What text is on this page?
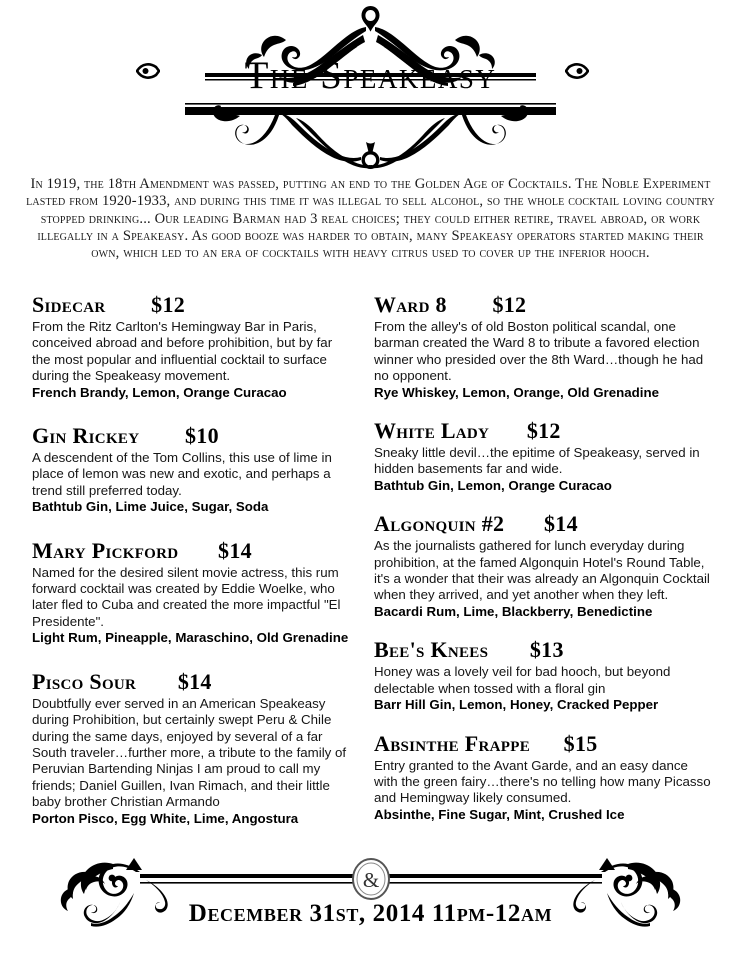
The Speakeasy
In 1919, the 18th Amendment was passed, putting an end to the Golden Age of Cocktails. The Noble Experiment lasted from 1920-1933, and during this time it was illegal to sell alcohol, so the whole cocktail loving country stopped drinking... Our leading Barman had 3 real choices; they could either retire, travel abroad, or work illegally in a Speakeasy. As good booze was harder to obtain, many Speakeasy operators started making their own, which led to an era of cocktails with heavy citrus used to cover up the inferior hooch.
Sidecar $12
From the Ritz Carlton's Hemingway Bar in Paris, conceived abroad and before prohibition, but by far the most popular and influential cocktail to surface during the Speakeasy movement.
French Brandy, Lemon, Orange Curacao
Gin Rickey $10
A descendent of the Tom Collins, this use of lime in place of lemon was new and exotic, and perhaps a trend still preferred today.
Bathtub Gin, Lime Juice, Sugar, Soda
Mary Pickford $14
Named for the desired silent movie actress, this rum forward cocktail was created by Eddie Woelke, who later fled to Cuba and created the more impactful "El Presidente".
Light Rum, Pineapple, Maraschino, Old Grenadine
Pisco Sour $14
Doubtfully ever served in an American Speakeasy during Prohibition, but certainly swept Peru & Chile during the same days, enjoyed by several of a far South traveler…further more, a tribute to the family of Peruvian Bartending Ninjas I am proud to call my friends; Daniel Guillen, Ivan Rimach, and their little baby brother Christian Armando
Porton Pisco, Egg White, Lime, Angostura
Ward 8 $12
From the alley's of old Boston political scandal, one barman created the Ward 8 to tribute a favored election winner who presided over the 8th Ward…though he had no opponent.
Rye Whiskey, Lemon, Orange, Old Grenadine
White Lady $12
Sneaky little devil…the epitime of Speakeasy, served in hidden basements far and wide.
Bathtub Gin, Lemon, Orange Curacao
Algonquin #2 $14
As the journalists gathered for lunch everyday during prohibition, at the famed Algonquin Hotel's Round Table, it's a wonder that their was already an Algonquin Cocktail when they arrived, and yet another when they left.
Bacardi Rum, Lime, Blackberry, Benedictine
Bee's Knees $13
Honey was a lovely veil for bad hooch, but beyond delectable when tossed with a floral gin
Barr Hill Gin, Lemon, Honey, Cracked Pepper
Absinthe Frappe $15
Entry granted to the Avant Garde, and an easy dance with the green fairy…there's no telling how many Picasso and Hemingway likely consumed.
Absinthe, Fine Sugar, Mint, Crushed Ice
&
December 31st, 2014 11pm-12am
